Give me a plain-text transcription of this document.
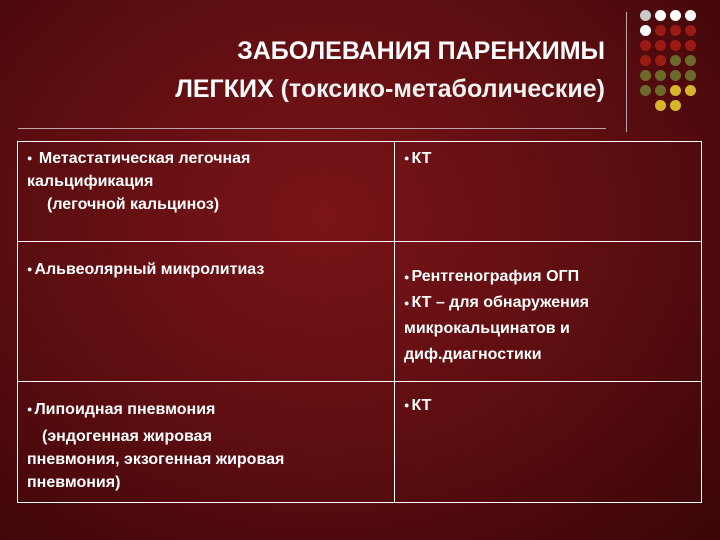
ЗАБОЛЕВАНИЯ ПАРЕНХИМЫ
ЛЕГКИХ (токсико-метаболические)
● Метастатическая легочная
кальцификация
(легочной кальциноз)	● КТ

● Альвеолярный микролитиаз	● Рентгенография ОГП
● КТ – для обнаружения
микрокальцинатов и
диф.диагностики

● Липоидная пневмония
(эндогенная жировая
пневмония, экзогенная жировая
пневмония)	● КТ
